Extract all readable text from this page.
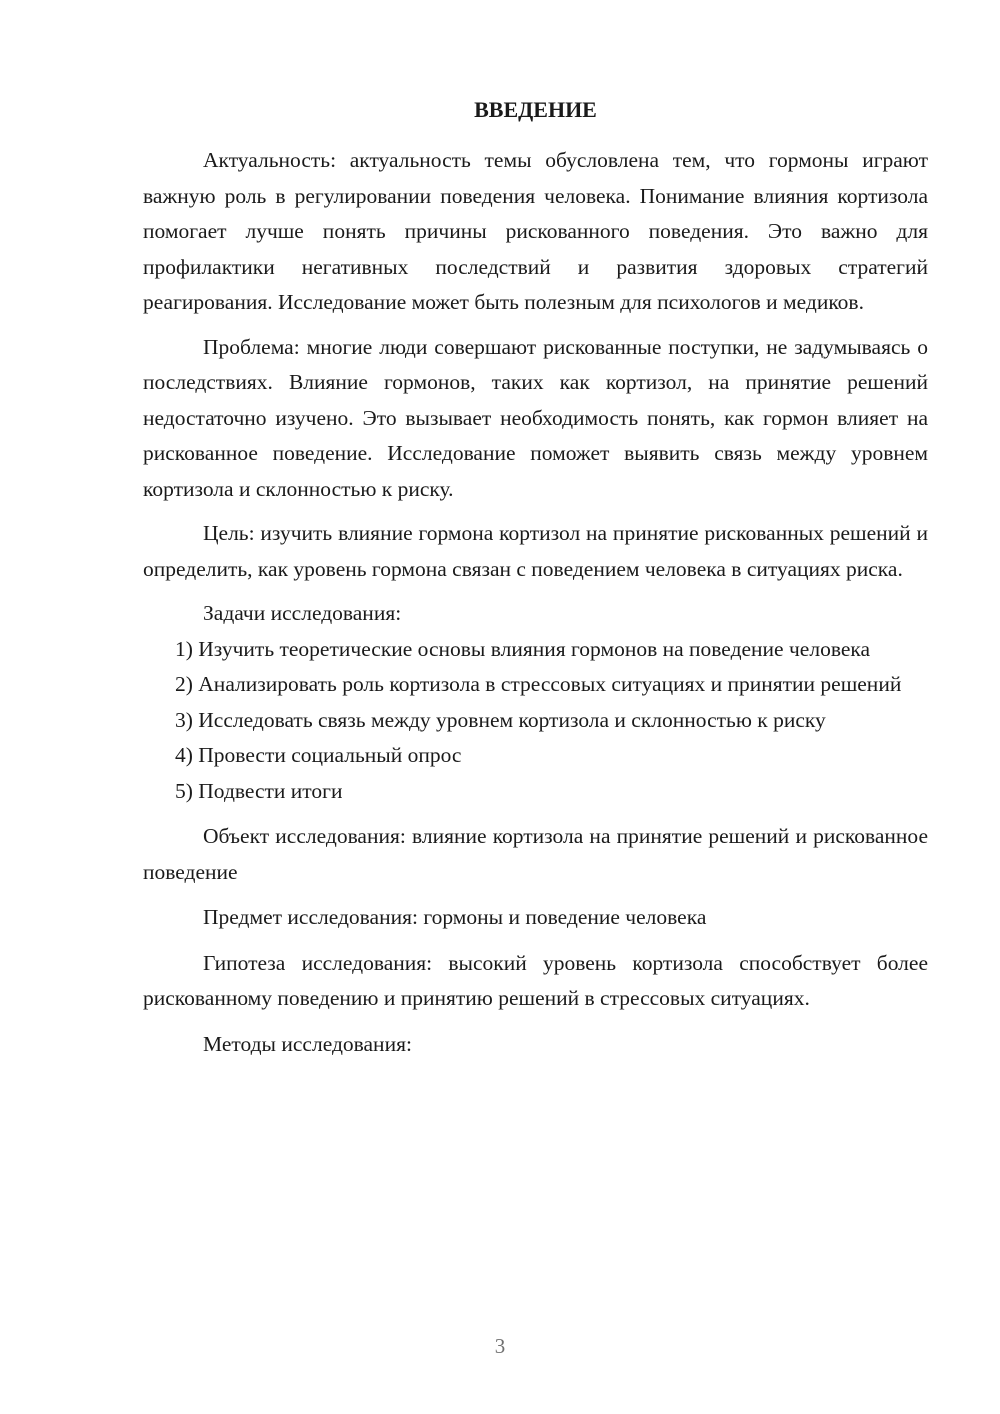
ВВЕДЕНИЕ

Актуальность: актуальность темы обусловлена тем, что гормоны играют важную роль в регулировании поведения человека. Понимание влияния кортизола помогает лучше понять причины рискованного поведения. Это важно для профилактики негативных последствий и развития здоровых стратегий реагирования. Исследование может быть полезным для психологов и медиков.

Проблема: многие люди совершают рискованные поступки, не задумываясь о последствиях. Влияние гормонов, таких как кортизол, на принятие решений недостаточно изучено. Это вызывает необходимость понять, как гормон влияет на рискованное поведение. Исследование поможет выявить связь между уровнем кортизола и склонностью к риску.

Цель: изучить влияние гормона кортизол на принятие рискованных решений и определить, как уровень гормона связан с поведением человека в ситуациях риска.

Задачи исследования:

1) Изучить теоретические основы влияния гормонов на поведение человека

2) Анализировать роль кортизола в стрессовых ситуациях и принятии решений

3) Исследовать связь между уровнем кортизола и склонностью к риску

4) Провести социальный опрос

5) Подвести итоги

Объект исследования: влияние кортизола на принятие решений и рискованное поведение

Предмет исследования: гормоны и поведение человека

Гипотеза исследования: высокий уровень кортизола способствует более рискованному поведению и принятию решений в стрессовых ситуациях.

Методы исследования:

3
